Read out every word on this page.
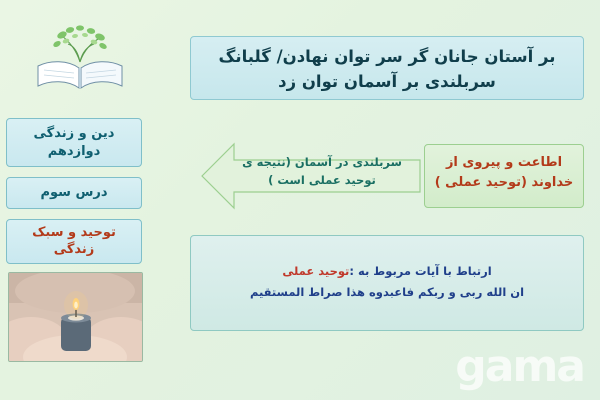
دین و زندگی دوازدهم
درس سوم
توحید و سبک زندگی
بر آستان جانان گر سر توان نهادن/ گلبانگ سربلندی بر آسمان توان زد
اطاعت و پیروی از خداوند (توحید عملی )
سربلندی در آسمان (نتیجه ی توحید عملی است )
ارتباط با آیات مربوط به :توحید عملی
ان الله ربی و ربکم فاعبدوه هذا صراط المستقیم
gama
